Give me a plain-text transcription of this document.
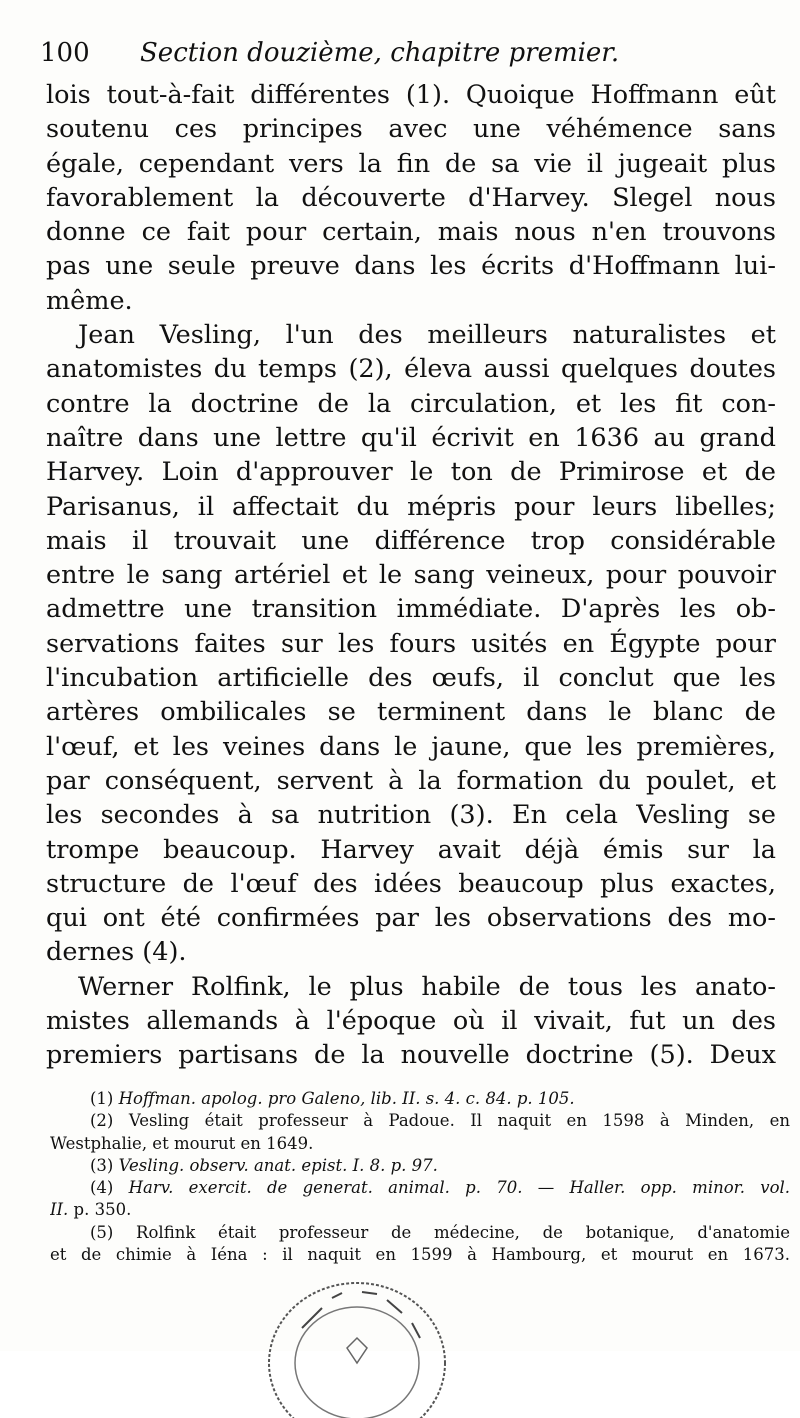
100 Section douzième, chapitre premier.
lois tout-à-fait différentes (1). Quoique Hoffmann eût
soutenu ces principes avec une véhémence sans
égale, cependant vers la fin de sa vie il jugeait plus
favorablement la découverte d'Harvey. Slegel nous
donne ce fait pour certain, mais nous n'en trouvons
pas une seule preuve dans les écrits d'Hoffmann lui-
même.
Jean Vesling, l'un des meilleurs naturalistes et
anatomistes du temps (2), éleva aussi quelques doutes
contre la doctrine de la circulation, et les fit con-
naître dans une lettre qu'il écrivit en 1636 au grand
Harvey. Loin d'approuver le ton de Primirose et de
Parisanus, il affectait du mépris pour leurs libelles;
mais il trouvait une différence trop considérable
entre le sang artériel et le sang veineux, pour pouvoir
admettre une transition immédiate. D'après les ob-
servations faites sur les fours usités en Égypte pour
l'incubation artificielle des œufs, il conclut que les
artères ombilicales se terminent dans le blanc de
l'œuf, et les veines dans le jaune, que les premières,
par conséquent, servent à la formation du poulet, et
les secondes à sa nutrition (3). En cela Vesling se
trompe beaucoup. Harvey avait déjà émis sur la
structure de l'œuf des idées beaucoup plus exactes,
qui ont été confirmées par les observations des mo-
dernes (4).
Werner Rolfink, le plus habile de tous les anato-
mistes allemands à l'époque où il vivait, fut un des
premiers partisans de la nouvelle doctrine (5). Deux
(1) Hoffman. apolog. pro Galeno, lib. II. s. 4. c. 84. p. 105.
(2) Vesling était professeur à Padoue. Il naquit en 1598 à Minden, en
Westphalie, et mourut en 1649.
(3) Vesling. observ. anat. epist. I. 8. p. 97.
(4) Harv. exercit. de generat. animal. p. 70. — Haller. opp. minor. vol.
II. p. 350.
(5) Rolfink était professeur de médecine, de botanique, d'anatomie
et de chimie à Iéna : il naquit en 1599 à Hambourg, et mourut en 1673.
